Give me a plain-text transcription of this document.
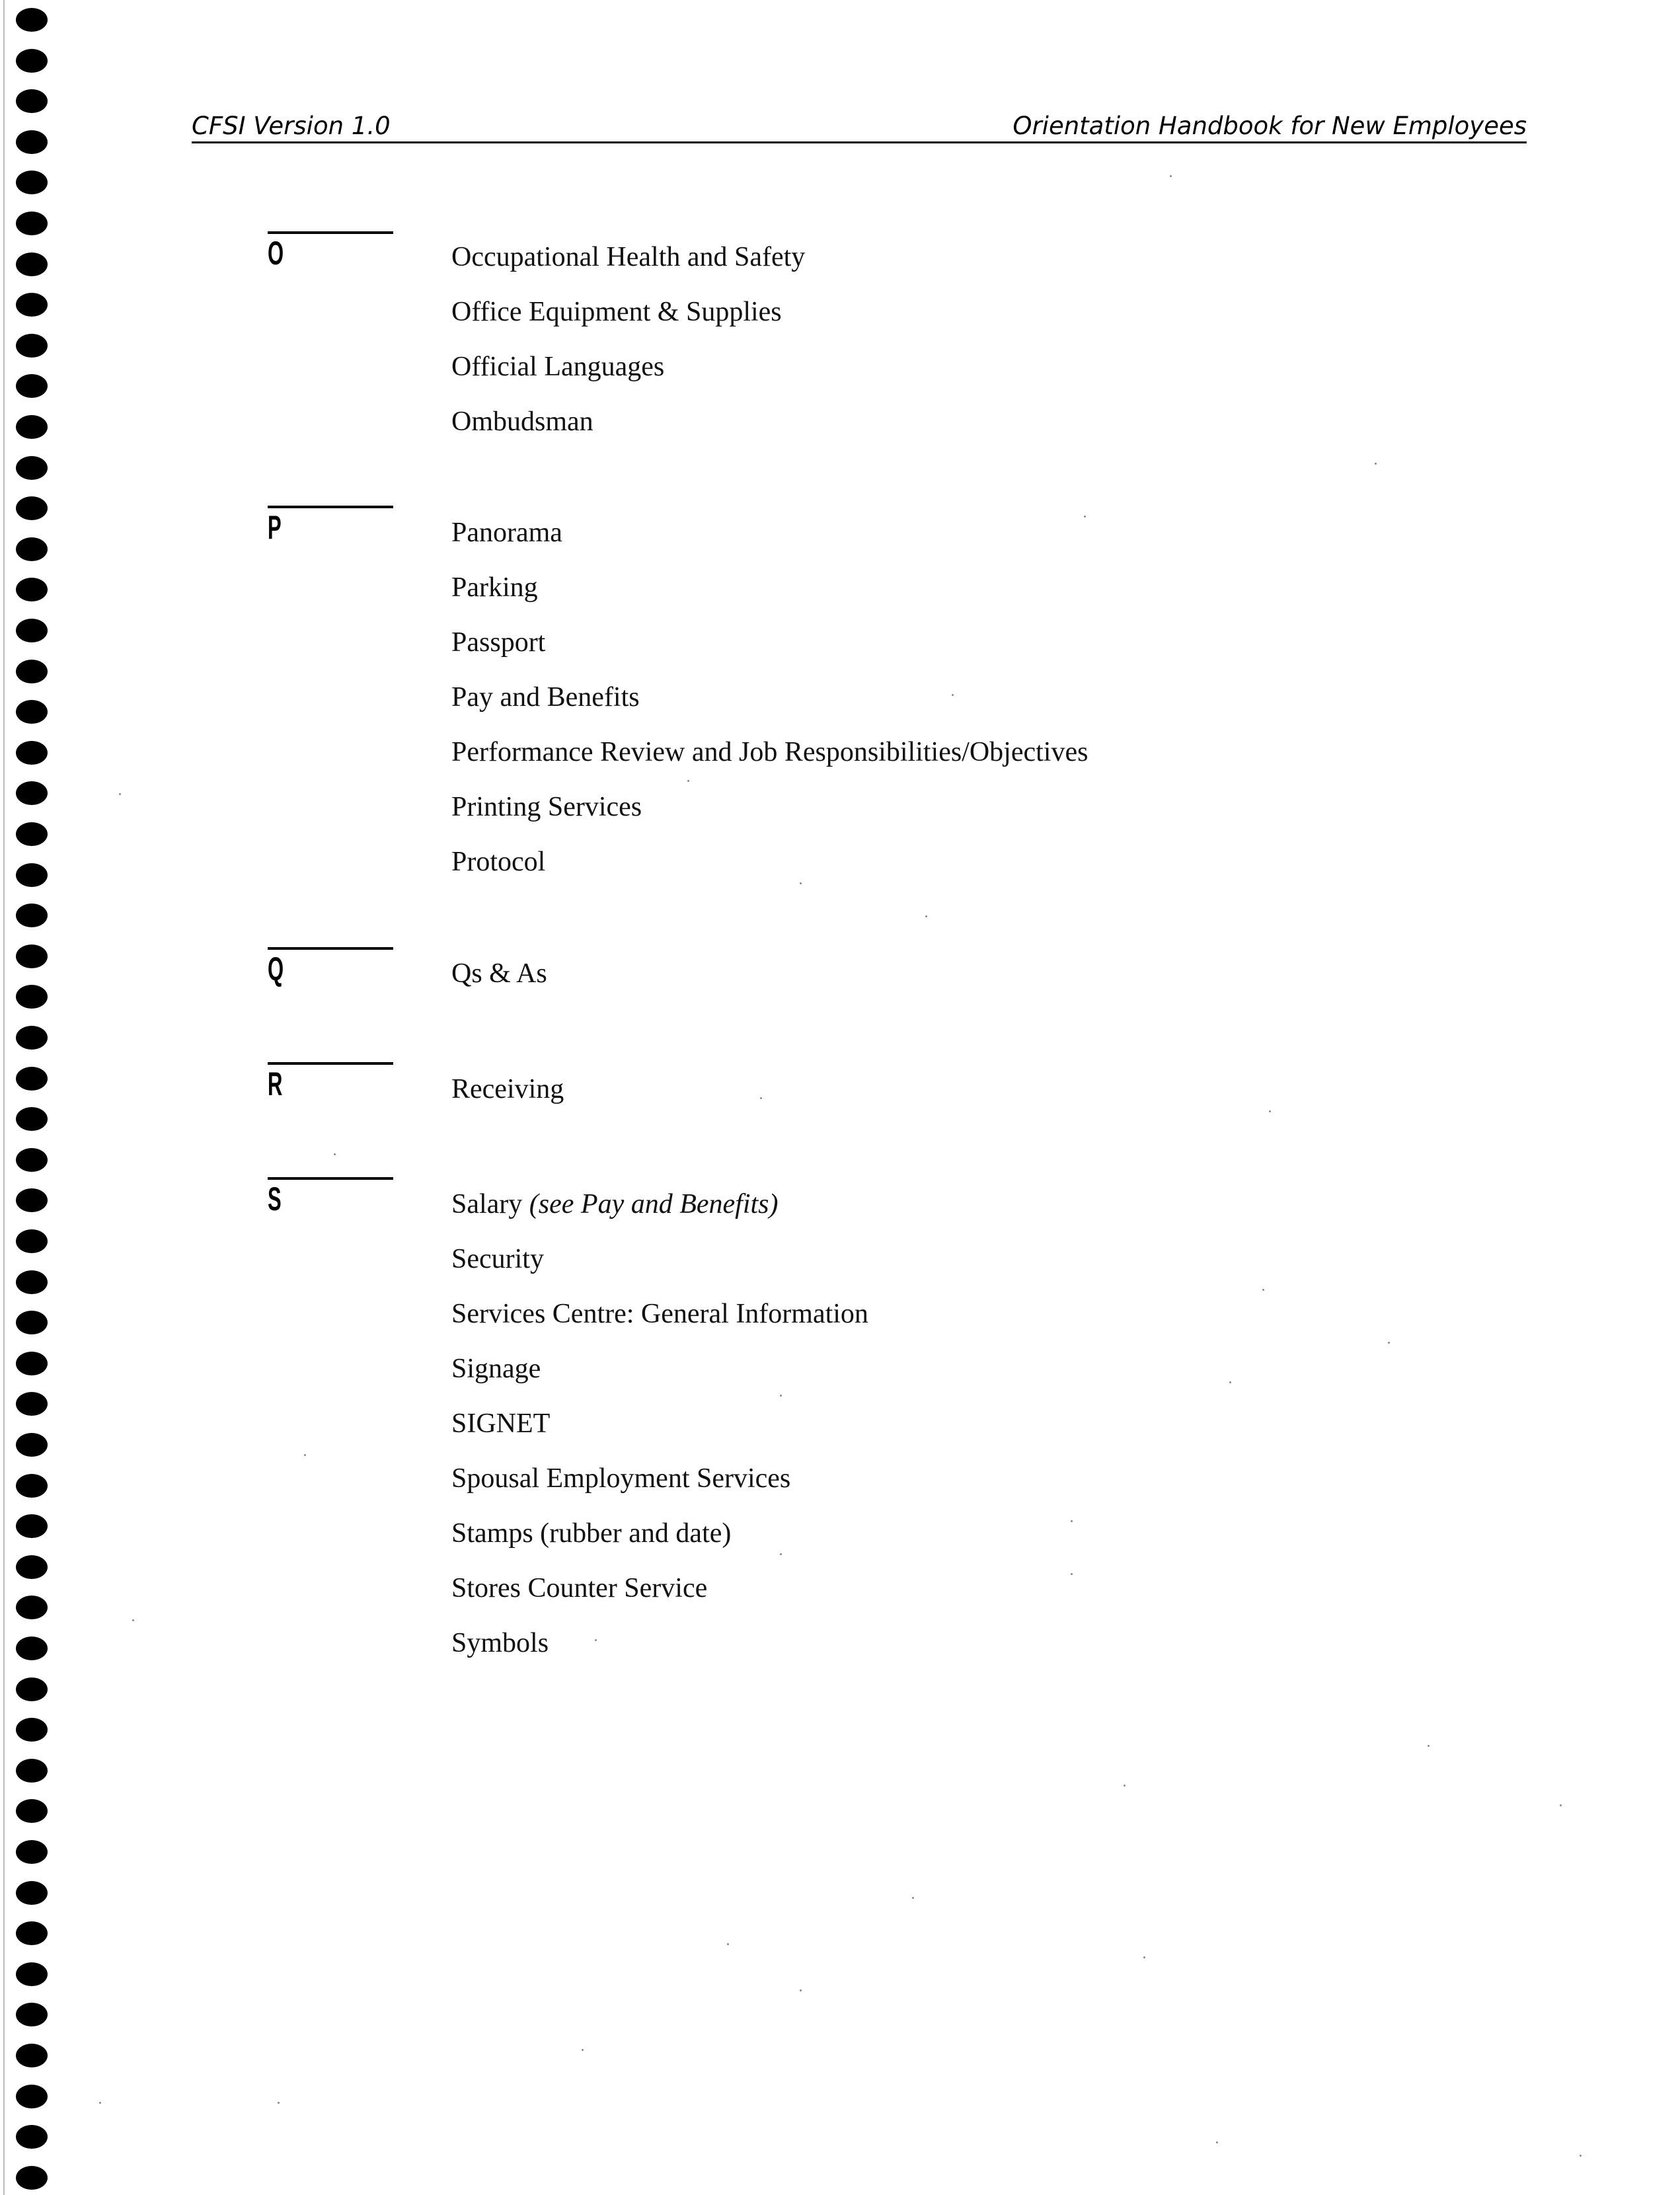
CFSI Version 1.0	Orientation Handbook for New Employees
O	Occupational Health and Safety
Office Equipment & Supplies
Official Languages
Ombudsman
P	Panorama
Parking
Passport
Pay and Benefits
Performance Review and Job Responsibilities/Objectives
Printing Services
Protocol
Q	Qs & As
R	Receiving
S	Salary (see Pay and Benefits)
Security
Services Centre: General Information
Signage
SIGNET
Spousal Employment Services
Stamps (rubber and date)
Stores Counter Service
Symbols
